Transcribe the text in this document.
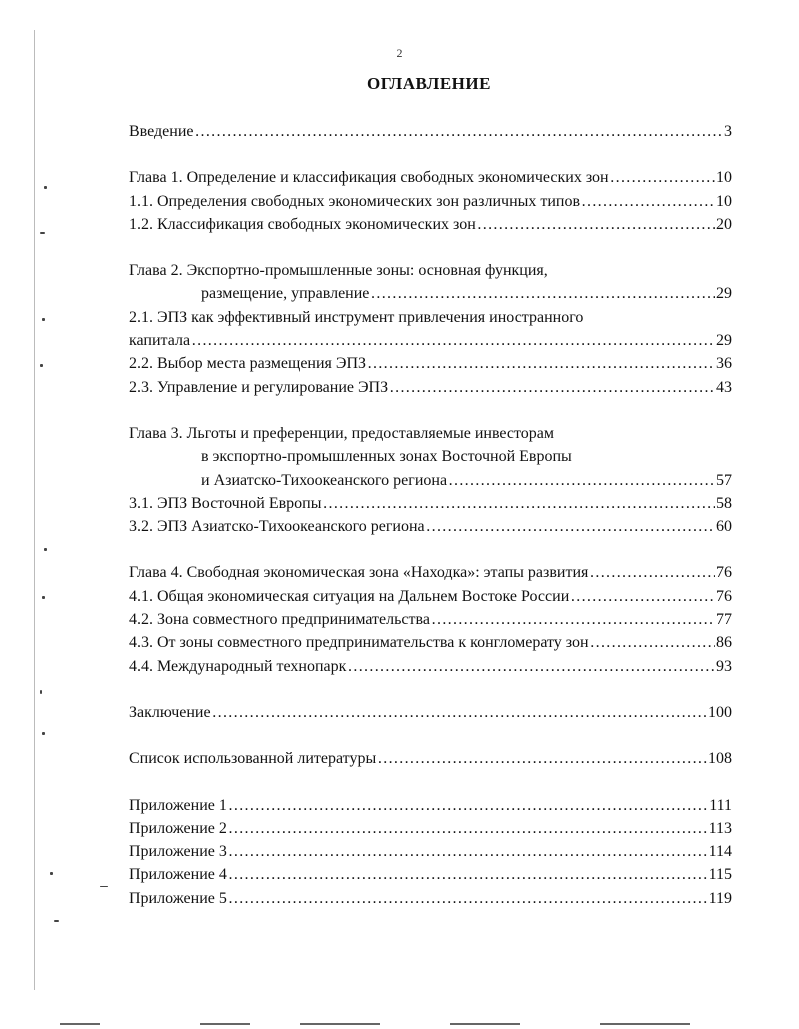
2
ОГЛАВЛЕНИЕ
Введение ………………………………………………………………………………………………………………………………………………………………………………	3
Глава 1. Определение и классификация свободных экономических зон ………………………………………………………………………………………………………………………………………………………………………………	10
1.1. Определения свободных экономических зон различных типов ………………………………………………………………………………………………………………………………………………………………………………	10
1.2. Классификация свободных экономических зон ………………………………………………………………………………………………………………………………………………………………………………	20
Глава 2. Экспортно-промышленные зоны: основная функция,
размещение, управление ………………………………………………………………………………………………………………………………………………………………………………	29
2.1. ЭПЗ как эффективный инструмент привлечения иностранного
капитала ………………………………………………………………………………………………………………………………………………………………………………	29
2.2. Выбор места размещения ЭПЗ ………………………………………………………………………………………………………………………………………………………………………………	36
2.3. Управление и регулирование ЭПЗ ………………………………………………………………………………………………………………………………………………………………………………	43
Глава 3. Льготы и преференции, предоставляемые инвесторам
в экспортно-промышленных зонах Восточной Европы
и Азиатско-Тихоокеанского региона ………………………………………………………………………………………………………………………………………………………………………………	57
3.1. ЭПЗ Восточной Европы ………………………………………………………………………………………………………………………………………………………………………………	58
3.2. ЭПЗ Азиатско-Тихоокеанского региона ………………………………………………………………………………………………………………………………………………………………………………	60
Глава 4. Свободная экономическая зона «Находка»: этапы развития ………………………………………………………………………………………………………………………………………………………………………………	76
4.1. Общая экономическая ситуация на Дальнем Востоке России ………………………………………………………………………………………………………………………………………………………………………………	76
4.2. Зона совместного предпринимательства ………………………………………………………………………………………………………………………………………………………………………………	77
4.3. От зоны совместного предпринимательства к конгломерату зон ………………………………………………………………………………………………………………………………………………………………………………	86
4.4. Международный технопарк ………………………………………………………………………………………………………………………………………………………………………………	93
Заключение ………………………………………………………………………………………………………………………………………………………………………………	100
Список использованной литературы ………………………………………………………………………………………………………………………………………………………………………………	108
Приложение 1 ………………………………………………………………………………………………………………………………………………………………………………	111
Приложение 2 ………………………………………………………………………………………………………………………………………………………………………………	113
Приложение 3 ………………………………………………………………………………………………………………………………………………………………………………	114
Приложение 4 ………………………………………………………………………………………………………………………………………………………………………………	115
Приложение 5 ………………………………………………………………………………………………………………………………………………………………………………	119
